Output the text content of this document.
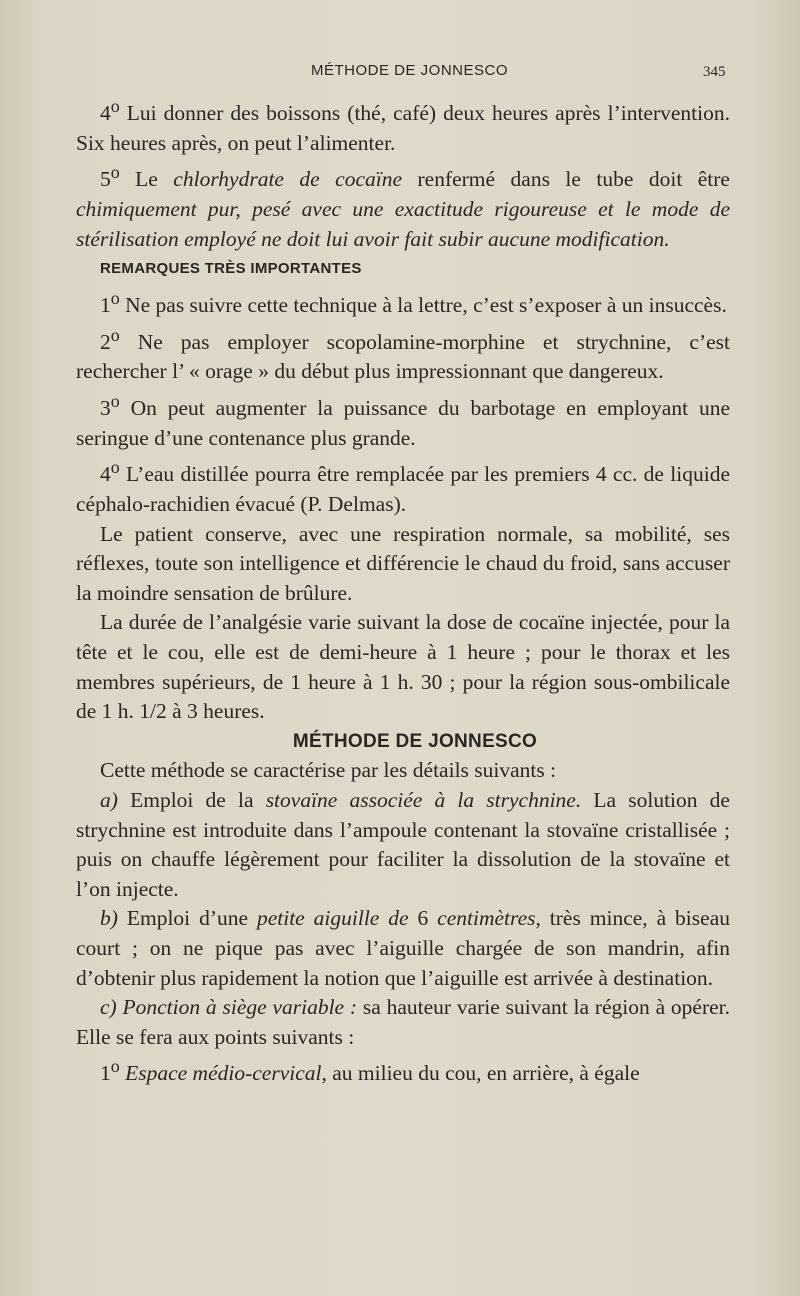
MÉTHODE DE JONNESCO	345

4$^o$ Lui donner des boissons (thé, café) deux heures après l’intervention. Six heures après, on peut l’alimenter.

5$^o$ Le chlorhydrate de cocaïne renfermé dans le tube doit être chimiquement pur, pesé avec une exactitude rigoureuse et le mode de stérilisation employé ne doit lui avoir fait subir aucune modification.

REMARQUES TRÈS IMPORTANTES

1$^o$ Ne pas suivre cette technique à la lettre, c’est s’exposer à un insuccès.

2$^o$ Ne pas employer scopolamine-morphine et strychnine, c’est rechercher l’ « orage » du début plus impressionnant que dangereux.

3$^o$ On peut augmenter la puissance du barbotage en employant une seringue d’une contenance plus grande.

4$^o$ L’eau distillée pourra être remplacée par les premiers 4 cc. de liquide céphalo-rachidien évacué (P. Delmas).

Le patient conserve, avec une respiration normale, sa mobilité, ses réflexes, toute son intelligence et différencie le chaud du froid, sans accuser la moindre sensation de brûlure.

La durée de l’analgésie varie suivant la dose de cocaïne injectée, pour la tête et le cou, elle est de demi-heure à 1 heure ; pour le thorax et les membres supérieurs, de 1 heure à 1 h. 30 ; pour la région sous-ombilicale de 1 h. 1/2 à 3 heures.

MÉTHODE DE JONNESCO

Cette méthode se caractérise par les détails suivants :

a) Emploi de la stovaïne associée à la strychnine. La solution de strychnine est introduite dans l’ampoule contenant la stovaïne cristallisée ; puis on chauffe légèrement pour faciliter la dissolution de la stovaïne et l’on injecte.

b) Emploi d’une petite aiguille de 6 centimètres, très mince, à biseau court ; on ne pique pas avec l’aiguille chargée de son mandrin, afin d’obtenir plus rapidement la notion que l’aiguille est arrivée à destination.

c) Ponction à siège variable : sa hauteur varie suivant la région à opérer. Elle se fera aux points suivants :

1$^o$ Espace médio-cervical, au milieu du cou, en arrière, à égale
